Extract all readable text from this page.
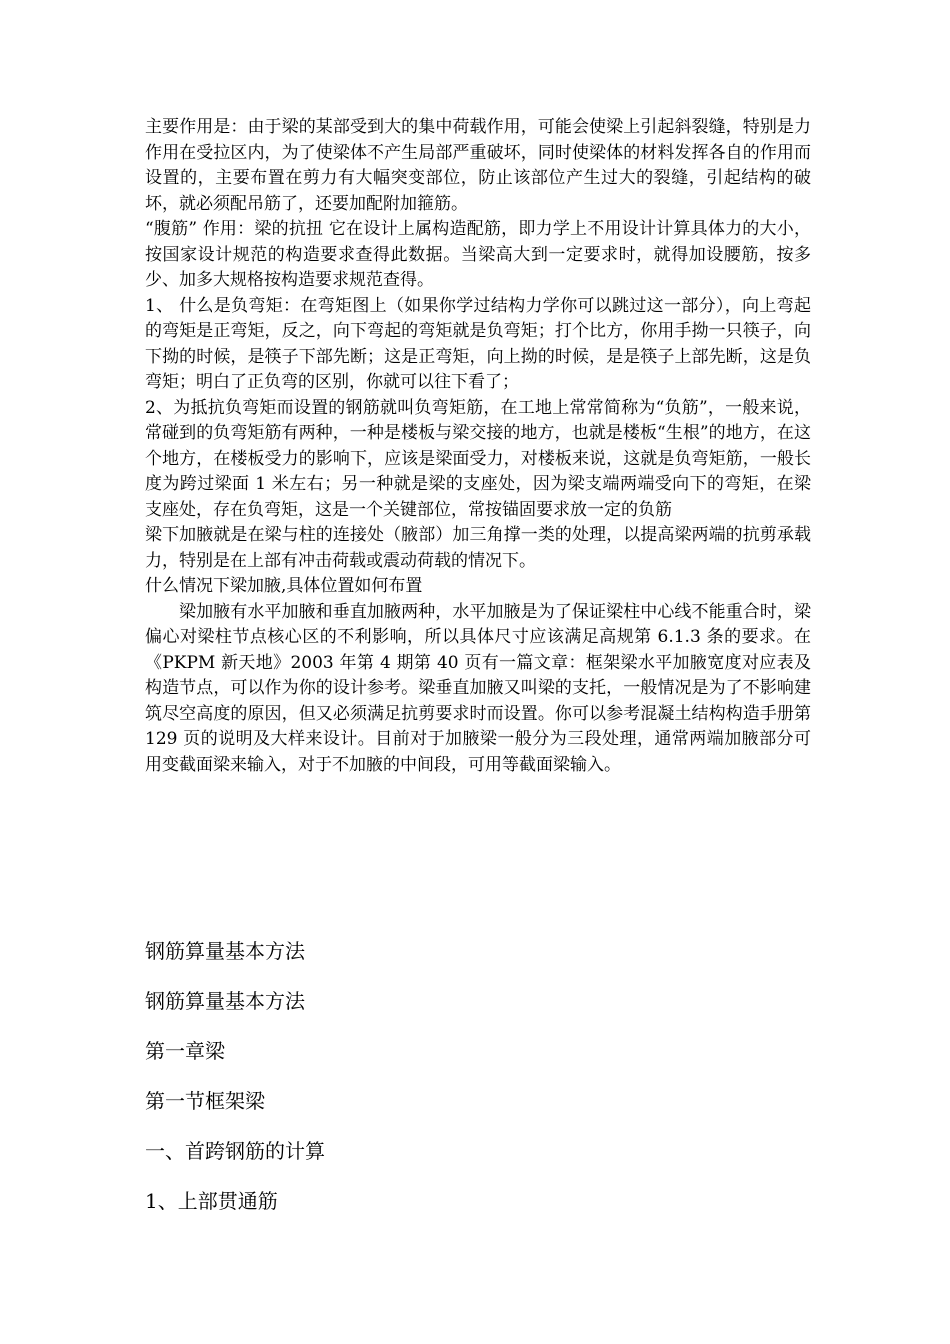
主要作用是：由于梁的某部受到大的集中荷载作用，可能会使梁上引起斜裂缝，特别是力作用在受拉区内，为了使梁体不产生局部严重破坏，同时使梁体的材料发挥各自的作用而设置的，主要布置在剪力有大幅突变部位，防止该部位产生过大的裂缝，引起结构的破坏，就必须配吊筋了，还要加配附加箍筋。

“腹筋” 作用：梁的抗扭 它在设计上属构造配筋，即力学上不用设计计算具体力的大小，按国家设计规范的构造要求查得此数据。当梁高大到一定要求时，就得加设腰筋，按多少、加多大规格按构造要求规范查得。

1、 什么是负弯矩：在弯矩图上（如果你学过结构力学你可以跳过这一部分），向上弯起的弯矩是正弯矩，反之，向下弯起的弯矩就是负弯矩；打个比方，你用手拗一只筷子，向下拗的时候，是筷子下部先断；这是正弯矩，向上拗的时候，是是筷子上部先断，这是负弯矩；明白了正负弯的区别，你就可以往下看了；

2、为抵抗负弯矩而设置的钢筋就叫负弯矩筋，在工地上常常简称为“负筋”，一般来说，常碰到的负弯矩筋有两种，一种是楼板与梁交接的地方，也就是楼板“生根”的地方，在这个地方，在楼板受力的影响下，应该是梁面受力，对楼板来说，这就是负弯矩筋，一般长度为跨过梁面 1 米左右；另一种就是梁的支座处，因为梁支端两端受向下的弯矩，在梁支座处，存在负弯矩，这是一个关键部位，常按锚固要求放一定的负筋

梁下加腋就是在梁与柱的连接处（腋部）加三角撑一类的处理，以提高梁两端的抗剪承载力，特别是在上部有冲击荷载或震动荷载的情况下。

什么情况下梁加腋,具体位置如何布置

梁加腋有水平加腋和垂直加腋两种，水平加腋是为了保证梁柱中心线不能重合时，梁偏心对梁柱节点核心区的不利影响，所以具体尺寸应该满足高规第 6.1.3 条的要求。在《PKPM 新天地》2003 年第 4 期第 40 页有一篇文章：框架梁水平加腋宽度对应表及构造节点，可以作为你的设计参考。梁垂直加腋又叫梁的支托，一般情况是为了不影响建筑尽空高度的原因，但又必须满足抗剪要求时而设置。你可以参考混凝土结构构造手册第 129 页的说明及大样来设计。目前对于加腋梁一般分为三段处理，通常两端加腋部分可用变截面梁来输入，对于不加腋的中间段，可用等截面梁输入。

钢筋算量基本方法
钢筋算量基本方法
第一章梁
第一节框架梁
一、首跨钢筋的计算
1、上部贯通筋
